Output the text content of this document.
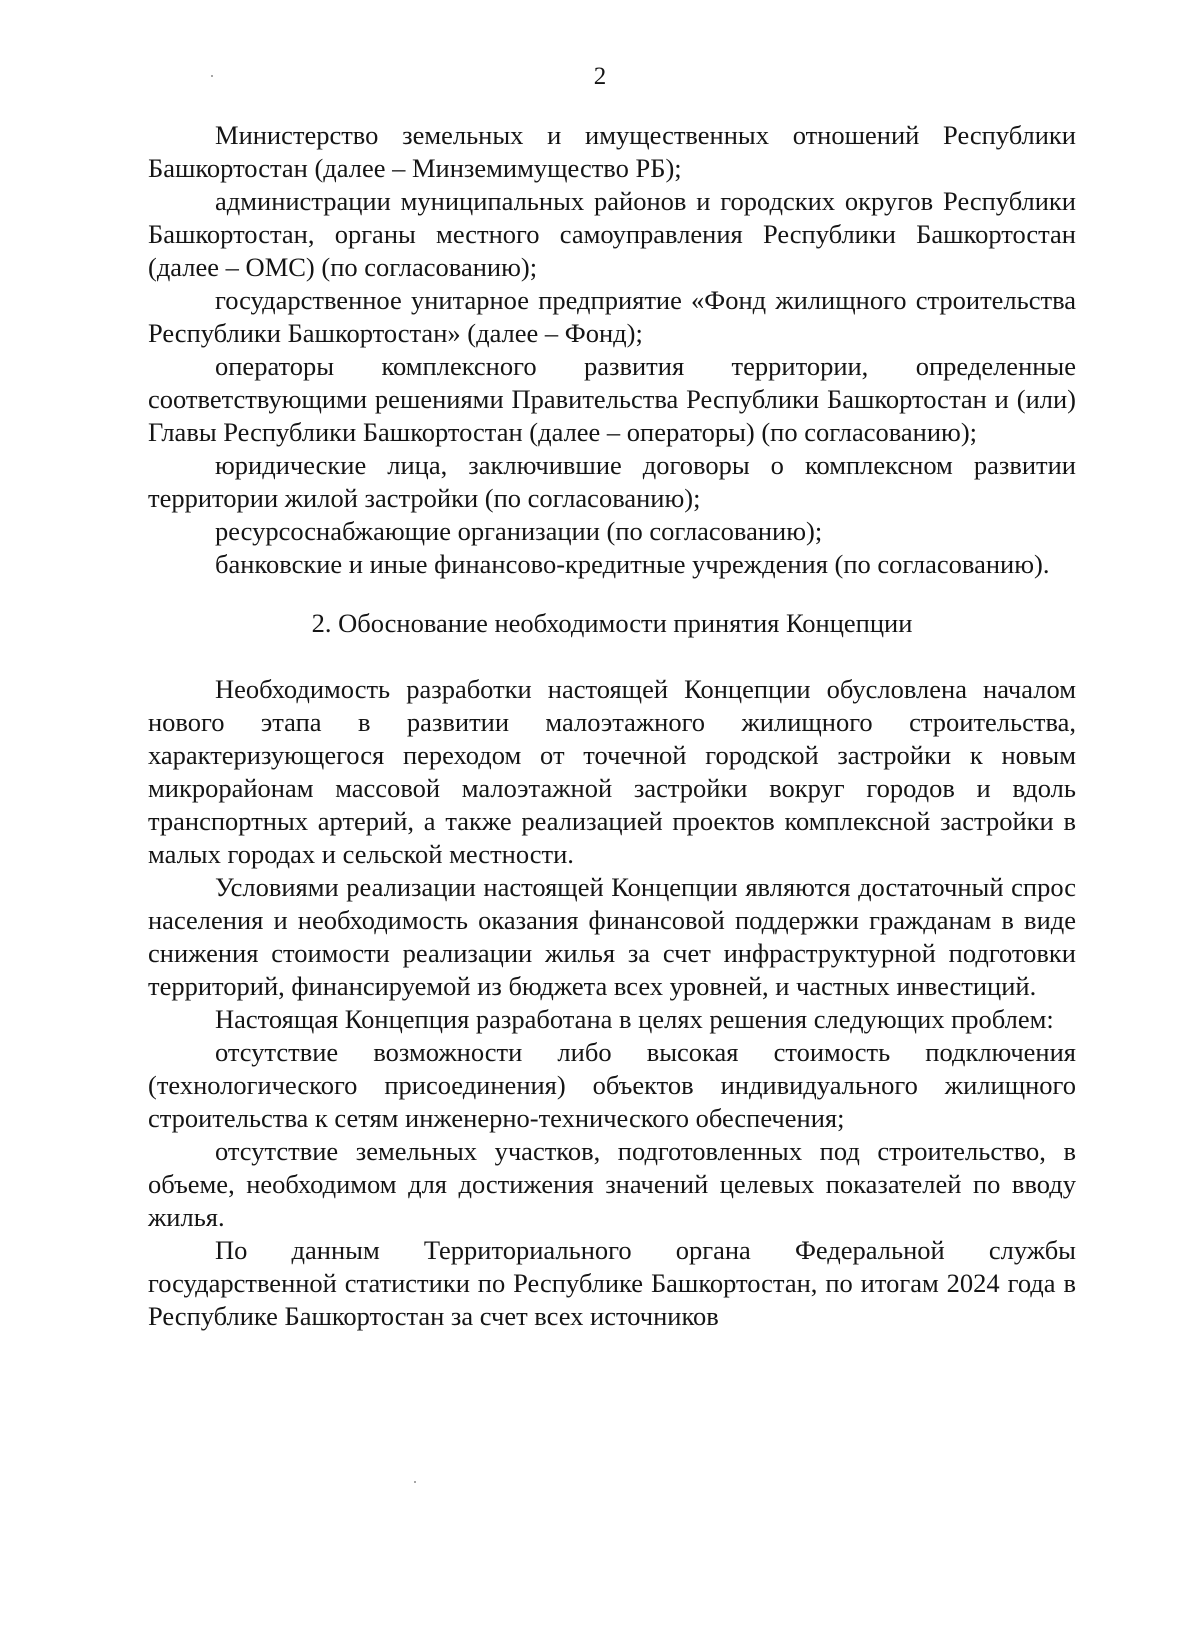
2

Министерство земельных и имущественных отношений Республики Башкортостан (далее – Минземимущество РБ);

администрации муниципальных районов и городских округов Республики Башкортостан, органы местного самоуправления Республики Башкортостан (далее – ОМС) (по согласованию);

государственное унитарное предприятие «Фонд жилищного строительства Республики Башкортостан» (далее – Фонд);

операторы комплексного развития территории, определенные соответствующими решениями Правительства Республики Башкортостан и (или) Главы Республики Башкортостан (далее – операторы) (по согласованию);

юридические лица, заключившие договоры о комплексном развитии территории жилой застройки (по согласованию);

ресурсоснабжающие организации (по согласованию);

банковские и иные финансово-кредитные учреждения (по согласованию).

2. Обоснование необходимости принятия Концепции

Необходимость разработки настоящей Концепции обусловлена началом нового этапа в развитии малоэтажного жилищного строительства, характеризующегося переходом от точечной городской застройки к новым микрорайонам массовой малоэтажной застройки вокруг городов и вдоль транспортных артерий, а также реализацией проектов комплексной застройки в малых городах и сельской местности.

Условиями реализации настоящей Концепции являются достаточный спрос населения и необходимость оказания финансовой поддержки гражданам в виде снижения стоимости реализации жилья за счет инфраструктурной подготовки территорий, финансируемой из бюджета всех уровней, и частных инвестиций.

Настоящая Концепция разработана в целях решения следующих проблем:

отсутствие возможности либо высокая стоимость подключения (технологического присоединения) объектов индивидуального жилищного строительства к сетям инженерно-технического обеспечения;

отсутствие земельных участков, подготовленных под строительство, в объеме, необходимом для достижения значений целевых показателей по вводу жилья.

По данным Территориального органа Федеральной службы государственной статистики по Республике Башкортостан, по итогам 2024 года в Республике Башкортостан за счет всех источников
